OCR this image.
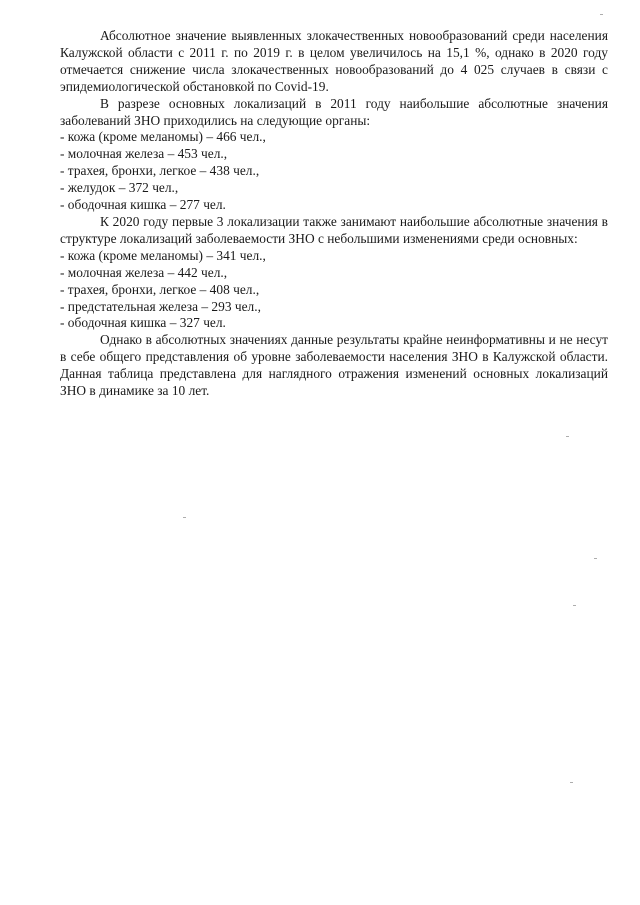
Абсолютное значение выявленных злокачественных новообразований среди населения Калужской области с 2011 г. по 2019 г. в целом увеличилось на 15,1 %, однако в 2020 году отмечается снижение числа злокачественных новообразований до 4 025 случаев в связи с эпидемиологической обстановкой по Covid-19.

В разрезе основных локализаций в 2011 году наибольшие абсолютные значения заболеваний ЗНО приходились на следующие органы:

- кожа (кроме меланомы) – 466 чел.,
- молочная железа – 453 чел.,
- трахея, бронхи, легкое – 438 чел.,
- желудок – 372 чел.,
- ободочная кишка – 277 чел.

К 2020 году первые 3 локализации также занимают наибольшие абсолютные значения в структуре локализаций заболеваемости ЗНО с небольшими изменениями среди основных:

- кожа (кроме меланомы) – 341 чел.,
- молочная железа – 442 чел.,
- трахея, бронхи, легкое – 408 чел.,
- предстательная железа – 293 чел.,
- ободочная кишка – 327 чел.

Однако в абсолютных значениях данные результаты крайне неинформативны и не несут в себе общего представления об уровне заболеваемости населения ЗНО в Калужской области. Данная таблица представлена для наглядного отражения изменений основных локализаций ЗНО в динамике за 10 лет.
